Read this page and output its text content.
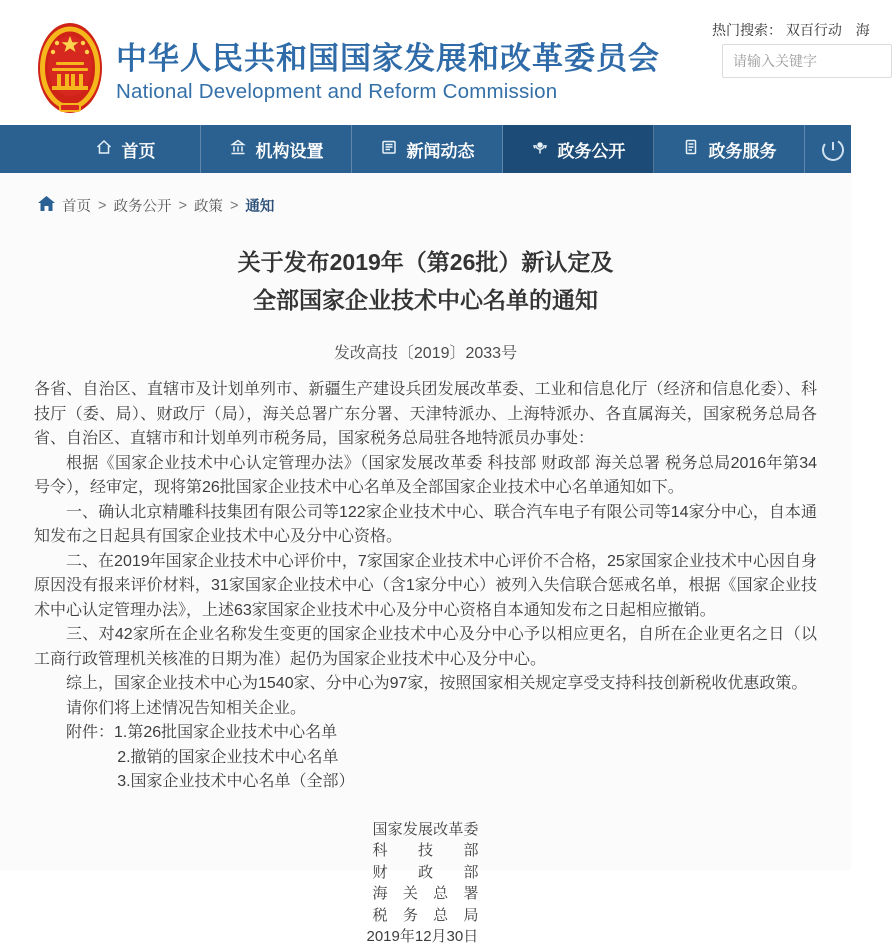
中华人民共和国国家发展和改革委员会
National Development and Reform Commission
热门搜索： 双百行动 海
请输入关键字
首页	机构设置	新闻动态	政务公开	政务服务
首页 > 政务公开 > 政策 > 通知
关于发布2019年（第26批）新认定及
全部国家企业技术中心名单的通知
发改高技〔2019〕2033号

各省、自治区、直辖市及计划单列市、新疆生产建设兵团发展改革委、工业和信息化厅（经济和信息化委）、科技厅（委、局）、财政厅（局），海关总署广东分署、天津特派办、上海特派办、各直属海关，国家税务总局各省、自治区、直辖市和计划单列市税务局，国家税务总局驻各地特派员办事处：

根据《国家企业技术中心认定管理办法》（国家发展改革委 科技部 财政部 海关总署 税务总局2016年第34号令），经审定，现将第26批国家企业技术中心名单及全部国家企业技术中心名单通知如下。

一、确认北京精雕科技集团有限公司等122家企业技术中心、联合汽车电子有限公司等14家分中心，自本通知发布之日起具有国家企业技术中心及分中心资格。

二、在2019年国家企业技术中心评价中，7家国家企业技术中心评价不合格，25家国家企业技术中心因自身原因没有报来评价材料，31家国家企业技术中心（含1家分中心）被列入失信联合惩戒名单，根据《国家企业技术中心认定管理办法》，上述63家国家企业技术中心及分中心资格自本通知发布之日起相应撤销。

三、对42家所在企业名称发生变更的国家企业技术中心及分中心予以相应更名，自所在企业更名之日（以工商行政管理机关核准的日期为准）起仍为国家企业技术中心及分中心。

综上，国家企业技术中心为1540家、分中心为97家，按照国家相关规定享受支持科技创新税收优惠政策。

请你们将上述情况告知相关企业。

附件：1.第26批国家企业技术中心名单

2.撤销的国家企业技术中心名单

3.国家企业技术中心名单（全部）

国家发展改革委
科技部
财政部
海关总署
税务总局
2019年12月30日
